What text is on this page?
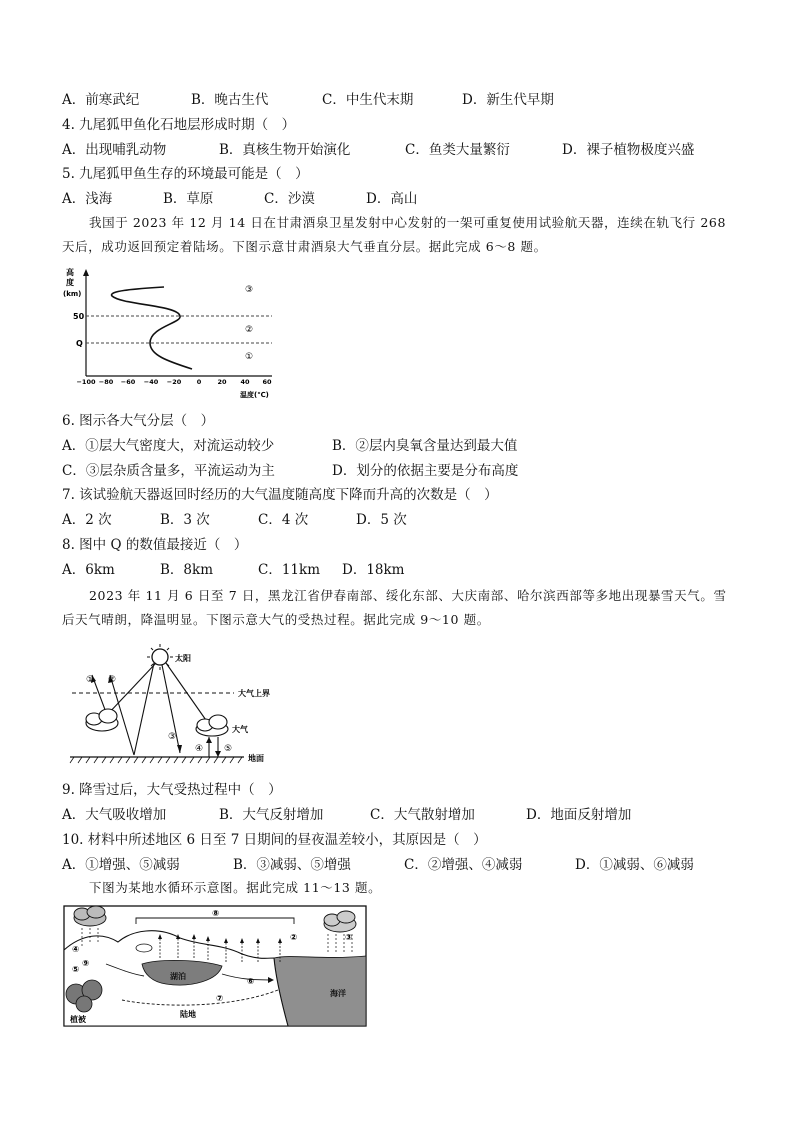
A．前寒武纪	B．晚古生代	C．中生代末期	D．新生代早期
4. 九尾狐甲鱼化石地层形成时期（　）
A．出现哺乳动物	B．真核生物开始演化	C．鱼类大量繁衍	D．裸子植物极度兴盛
5. 九尾狐甲鱼生存的环境最可能是（　）
A．浅海	B．草原	C．沙漠	D．高山
我国于 2023 年 12 月 14 日在甘肃酒泉卫星发射中心发射的一架可重复使用试验航天器，连续在轨飞行 268 天后，成功返回预定着陆场。下图示意甘肃酒泉大气垂直分层。据此完成 6～8 题。
高
度
(km)
50
Q
③
②
①
−100 −80 −60 −40 −20 0 20 40 60
温度(℃)
6. 图示各大气分层（　）
A．①层大气密度大，对流运动较少	B．②层内臭氧含量达到最大值
C．③层杂质含量多，平流运动为主	D．划分的依据主要是分布高度
7. 该试验航天器返回时经历的大气温度随高度下降而升高的次数是（　）
A．2 次	B．3 次	C．4 次	D．5 次
8. 图中 Q 的数值最接近（　）
A．6km	B．8km	C．11km D．18km
2023 年 11 月 6 日至 7 日，黑龙江省伊春南部、绥化东部、大庆南部、哈尔滨西部等多地出现暴雪天气。雪后天气晴朗，降温明显。下图示意大气的受热过程。据此完成 9～10 题。
太阳
大气上界
大气
① ②
③
④ ⑤
地面
9. 降雪过后，大气受热过程中（　）
A．大气吸收增加	B．大气反射增加	C．大气散射增加	D．地面反射增加
10. 材料中所述地区 6 日至 7 日期间的昼夜温差较小，其原因是（　）
A．①增强、⑤减弱	B．③减弱、⑤增强	C．②增强、④减弱	D．①减弱、⑥减弱
下图为某地水循环示意图。据此完成 11～13 题。
海洋
湖泊
陆地
植被
②	③
④
⑤
⑥
⑦
⑧
⑨
